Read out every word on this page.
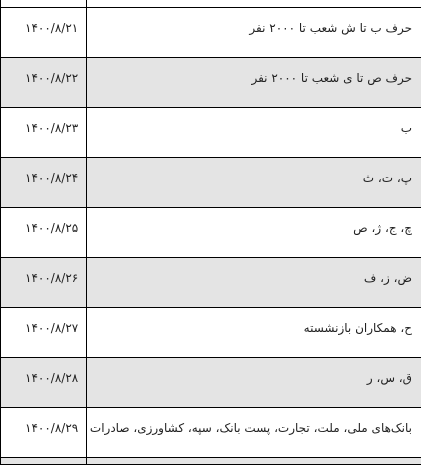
۱۴۰۰/۸/۲۱	حرف ب تا ش شعب تا ۲۰۰۰ نفر
۱۴۰۰/۸/۲۲	حرف ص تا ی شعب تا ۲۰۰۰ نفر
۱۴۰۰/۸/۲۳	ب
۱۴۰۰/۸/۲۴	پ، ت، ث
۱۴۰۰/۸/۲۵	چ، ج، ژ، ص
۱۴۰۰/۸/۲۶	ض، ز، ف
۱۴۰۰/۸/۲۷	ح، همکاران بازنشسته
۱۴۰۰/۸/۲۸	ق، س، ر
۱۴۰۰/۸/۲۹	بانک‌های ملی، ملت، تجارت، پست بانک، سپه، کشاورزی، صادرات
